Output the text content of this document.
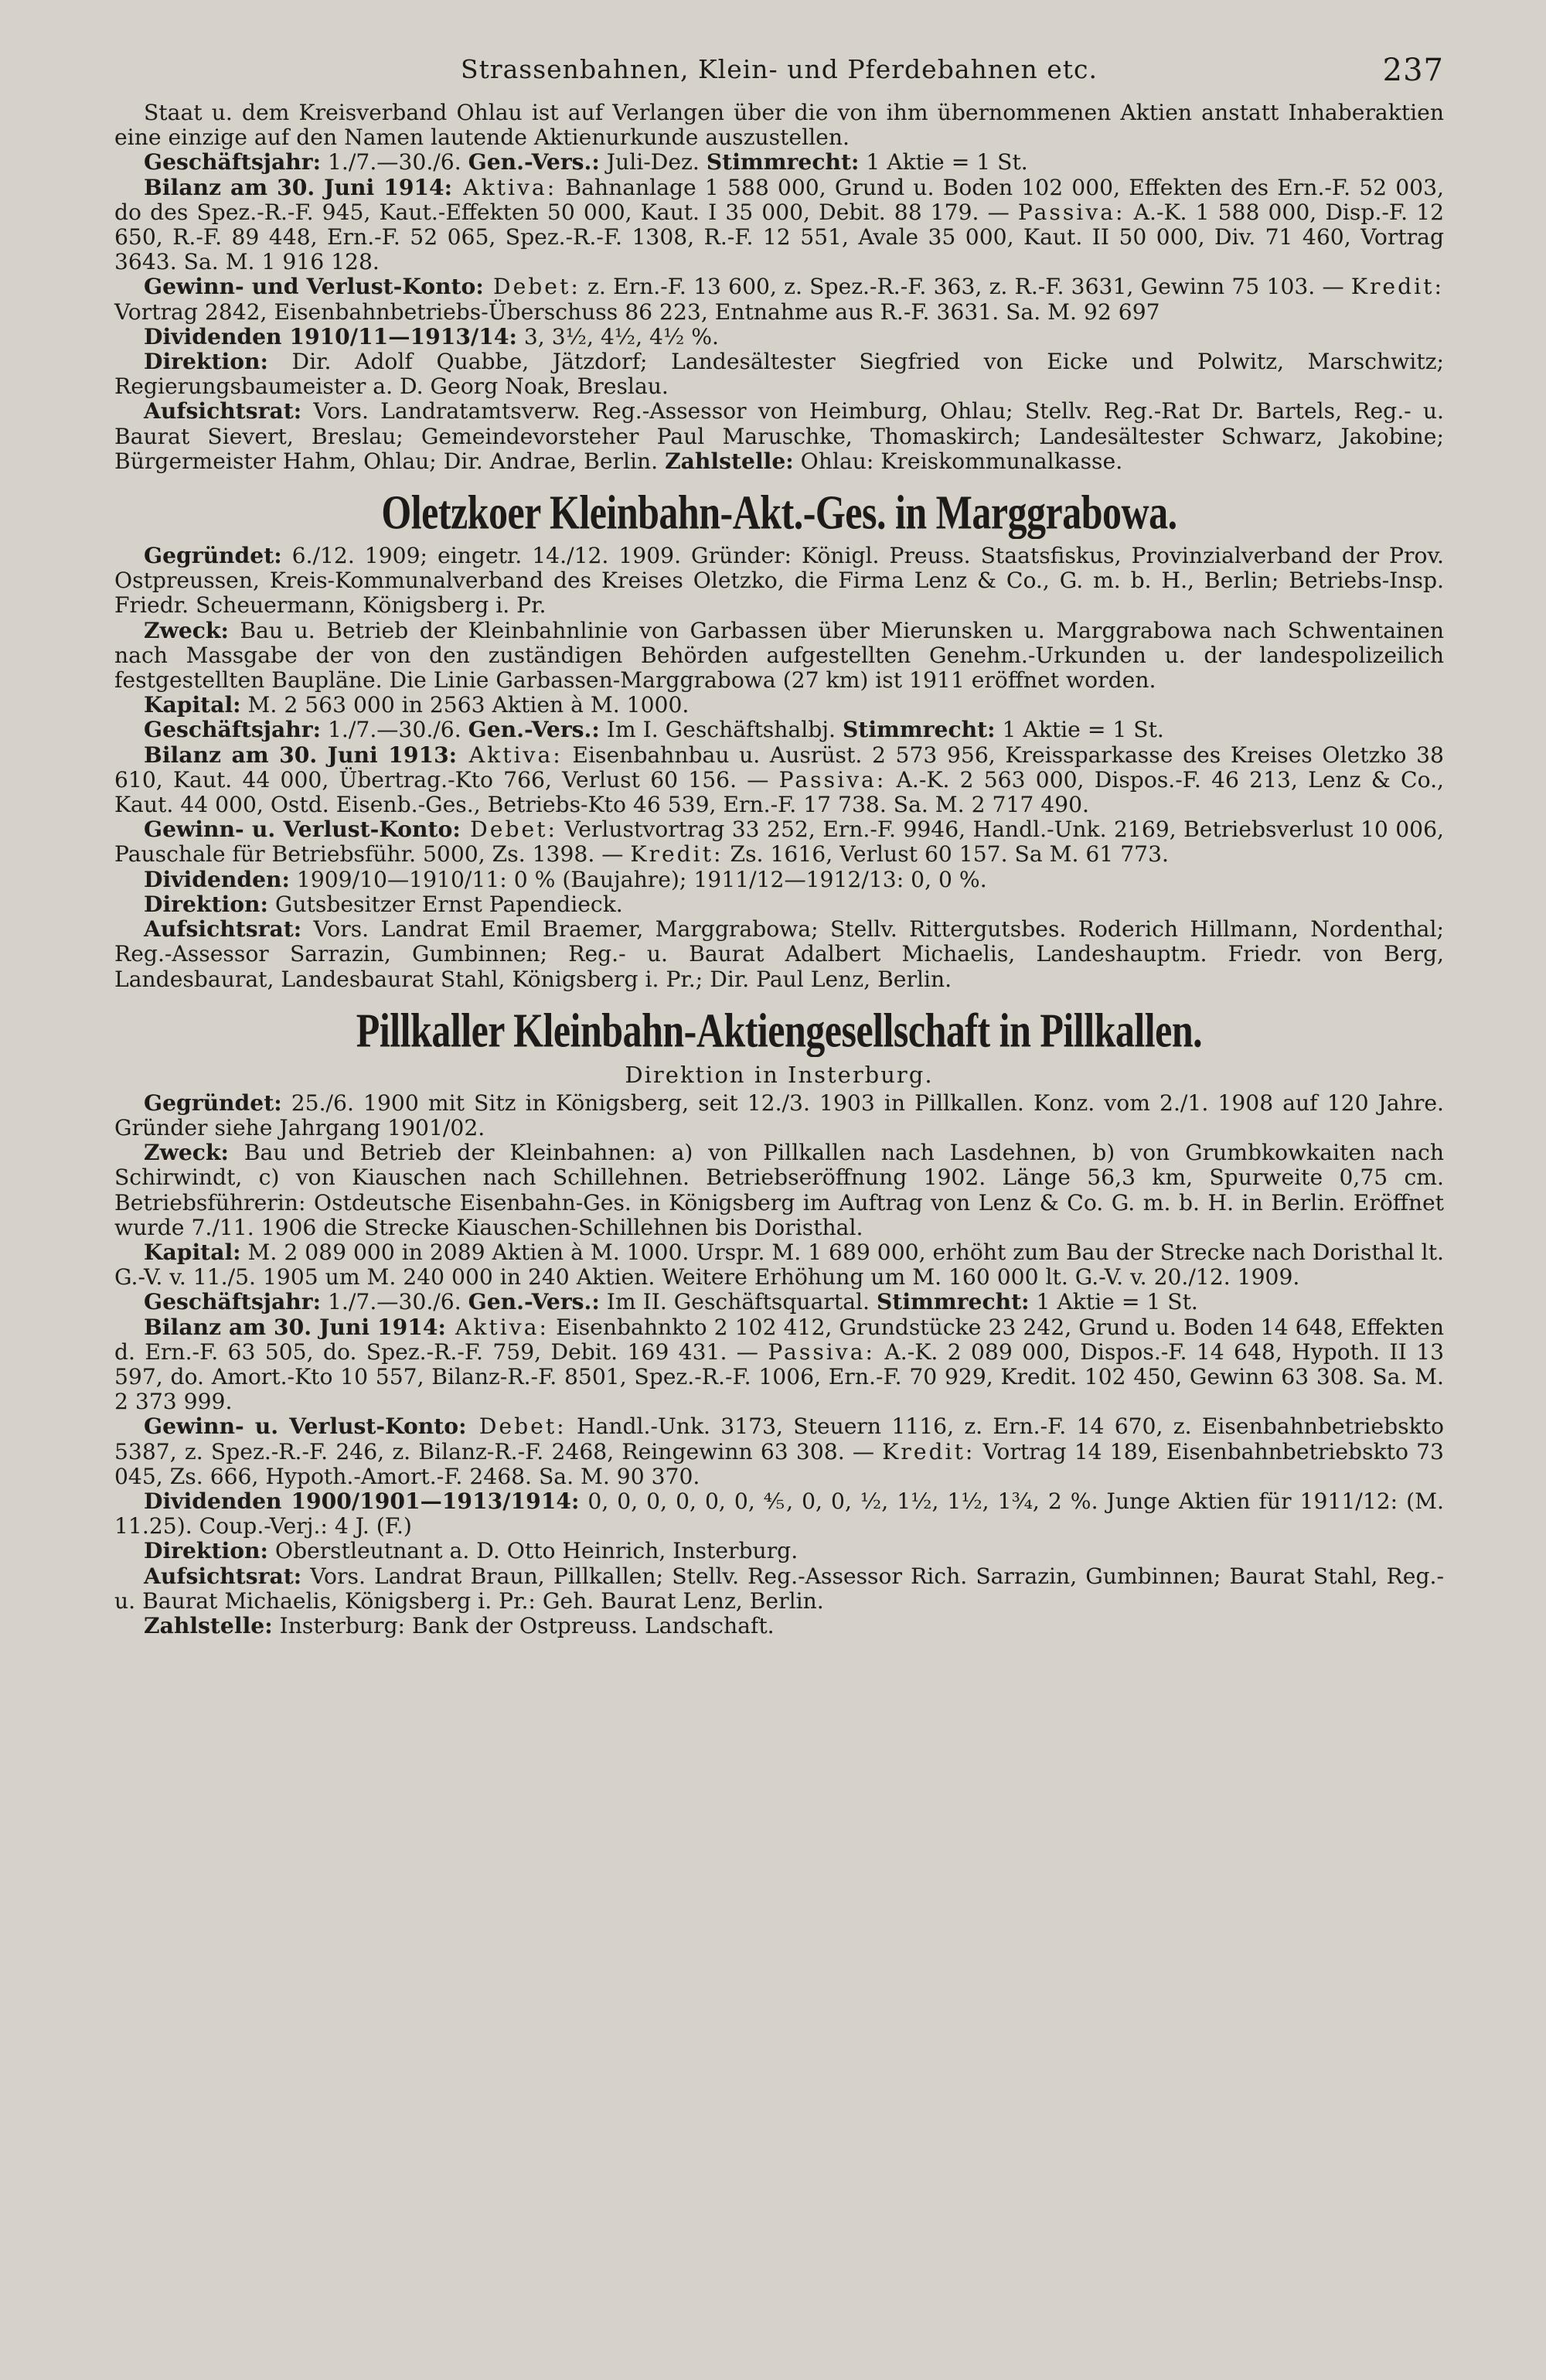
Strassenbahnen, Klein- und Pferdebahnen etc.	237

Staat u. dem Kreisverband Ohlau ist auf Verlangen über die von ihm übernommenen Aktien anstatt Inhaberaktien eine einzige auf den Namen lautende Aktienurkunde auszustellen.

Geschäftsjahr: 1./7.—30./6. Gen.-Vers.: Juli-Dez. Stimmrecht: 1 Aktie = 1 St.

Bilanz am 30. Juni 1914: Aktiva: Bahnanlage 1 588 000, Grund u. Boden 102 000, Effekten des Ern.-F. 52 003, do des Spez.-R.-F. 945, Kaut.-Effekten 50 000, Kaut. I 35 000, Debit. 88 179. — Passiva: A.-K. 1 588 000, Disp.-F. 12 650, R.-F. 89 448, Ern.-F. 52 065, Spez.-R.-F. 1308, R.-F. 12 551, Avale 35 000, Kaut. II 50 000, Div. 71 460, Vortrag 3643. Sa. M. 1 916 128.

Gewinn- und Verlust-Konto: Debet: z. Ern.-F. 13 600, z. Spez.-R.-F. 363, z. R.-F. 3631, Gewinn 75 103. — Kredit: Vortrag 2842, Eisenbahnbetriebs-Überschuss 86 223, Entnahme aus R.-F. 3631. Sa. M. 92 697

Dividenden 1910/11—1913/14: 3, 3½, 4½, 4½ %.

Direktion: Dir. Adolf Quabbe, Jätzdorf; Landesältester Siegfried von Eicke und Polwitz, Marschwitz; Regierungsbaumeister a. D. Georg Noak, Breslau.

Aufsichtsrat: Vors. Landratamtsverw. Reg.-Assessor von Heimburg, Ohlau; Stellv. Reg.-Rat Dr. Bartels, Reg.- u. Baurat Sievert, Breslau; Gemeindevorsteher Paul Maruschke, Thomaskirch; Landesältester Schwarz, Jakobine; Bürgermeister Hahm, Ohlau; Dir. Andrae, Berlin. Zahlstelle: Ohlau: Kreiskommunalkasse.

Oletzkoer Kleinbahn-Akt.-Ges. in Marggrabowa.

Gegründet: 6./12. 1909; eingetr. 14./12. 1909. Gründer: Königl. Preuss. Staatsfiskus, Provinzialverband der Prov. Ostpreussen, Kreis-Kommunalverband des Kreises Oletzko, die Firma Lenz & Co., G. m. b. H., Berlin; Betriebs-Insp. Friedr. Scheuermann, Königsberg i. Pr.

Zweck: Bau u. Betrieb der Kleinbahnlinie von Garbassen über Mierunsken u. Marggrabowa nach Schwentainen nach Massgabe der von den zuständigen Behörden aufgestellten Genehm.-Urkunden u. der landespolizeilich festgestellten Baupläne. Die Linie Garbassen-Marggrabowa (27 km) ist 1911 eröffnet worden.

Kapital: M. 2 563 000 in 2563 Aktien à M. 1000.

Geschäftsjahr: 1./7.—30./6. Gen.-Vers.: Im I. Geschäftshalbj. Stimmrecht: 1 Aktie = 1 St.

Bilanz am 30. Juni 1913: Aktiva: Eisenbahnbau u. Ausrüst. 2 573 956, Kreissparkasse des Kreises Oletzko 38 610, Kaut. 44 000, Übertrag.-Kto 766, Verlust 60 156. — Passiva: A.-K. 2 563 000, Dispos.-F. 46 213, Lenz & Co., Kaut. 44 000, Ostd. Eisenb.-Ges., Betriebs-Kto 46 539, Ern.-F. 17 738. Sa. M. 2 717 490.

Gewinn- u. Verlust-Konto: Debet: Verlustvortrag 33 252, Ern.-F. 9946, Handl.-Unk. 2169, Betriebsverlust 10 006, Pauschale für Betriebsführ. 5000, Zs. 1398. — Kredit: Zs. 1616, Verlust 60 157. Sa M. 61 773.

Dividenden: 1909/10—1910/11: 0 % (Baujahre); 1911/12—1912/13: 0, 0 %.

Direktion: Gutsbesitzer Ernst Papendieck.

Aufsichtsrat: Vors. Landrat Emil Braemer, Marggrabowa; Stellv. Rittergutsbes. Roderich Hillmann, Nordenthal; Reg.-Assessor Sarrazin, Gumbinnen; Reg.- u. Baurat Adalbert Michaelis, Landeshauptm. Friedr. von Berg, Landesbaurat, Landesbaurat Stahl, Königsberg i. Pr.; Dir. Paul Lenz, Berlin.

Pillkaller Kleinbahn-Aktiengesellschaft in Pillkallen.

Direktion in Insterburg.

Gegründet: 25./6. 1900 mit Sitz in Königsberg, seit 12./3. 1903 in Pillkallen. Konz. vom 2./1. 1908 auf 120 Jahre. Gründer siehe Jahrgang 1901/02.

Zweck: Bau und Betrieb der Kleinbahnen: a) von Pillkallen nach Lasdehnen, b) von Grumbkowkaiten nach Schirwindt, c) von Kiauschen nach Schillehnen. Betriebseröffnung 1902. Länge 56,3 km, Spurweite 0,75 cm. Betriebsführerin: Ostdeutsche Eisenbahn-Ges. in Königsberg im Auftrag von Lenz & Co. G. m. b. H. in Berlin. Eröffnet wurde 7./11. 1906 die Strecke Kiauschen-Schillehnen bis Doristhal.

Kapital: M. 2 089 000 in 2089 Aktien à M. 1000. Urspr. M. 1 689 000, erhöht zum Bau der Strecke nach Doristhal lt. G.-V. v. 11./5. 1905 um M. 240 000 in 240 Aktien. Weitere Erhöhung um M. 160 000 lt. G.-V. v. 20./12. 1909.

Geschäftsjahr: 1./7.—30./6. Gen.-Vers.: Im II. Geschäftsquartal. Stimmrecht: 1 Aktie = 1 St.

Bilanz am 30. Juni 1914: Aktiva: Eisenbahnkto 2 102 412, Grundstücke 23 242, Grund u. Boden 14 648, Effekten d. Ern.-F. 63 505, do. Spez.-R.-F. 759, Debit. 169 431. — Passiva: A.-K. 2 089 000, Dispos.-F. 14 648, Hypoth. II 13 597, do. Amort.-Kto 10 557, Bilanz-R.-F. 8501, Spez.-R.-F. 1006, Ern.-F. 70 929, Kredit. 102 450, Gewinn 63 308. Sa. M. 2 373 999.

Gewinn- u. Verlust-Konto: Debet: Handl.-Unk. 3173, Steuern 1116, z. Ern.-F. 14 670, z. Eisenbahnbetriebskto 5387, z. Spez.-R.-F. 246, z. Bilanz-R.-F. 2468, Reingewinn 63 308. — Kredit: Vortrag 14 189, Eisenbahnbetriebskto 73 045, Zs. 666, Hypoth.-Amort.-F. 2468. Sa. M. 90 370.

Dividenden 1900/1901—1913/1914: 0, 0, 0, 0, 0, 0, ⅘, 0, 0, ½, 1½, 1½, 1¾, 2 %. Junge Aktien für 1911/12: (M. 11.25). Coup.-Verj.: 4 J. (F.)

Direktion: Oberstleutnant a. D. Otto Heinrich, Insterburg.

Aufsichtsrat: Vors. Landrat Braun, Pillkallen; Stellv. Reg.-Assessor Rich. Sarrazin, Gumbinnen; Baurat Stahl, Reg.- u. Baurat Michaelis, Königsberg i. Pr.: Geh. Baurat Lenz, Berlin.

Zahlstelle: Insterburg: Bank der Ostpreuss. Landschaft.
